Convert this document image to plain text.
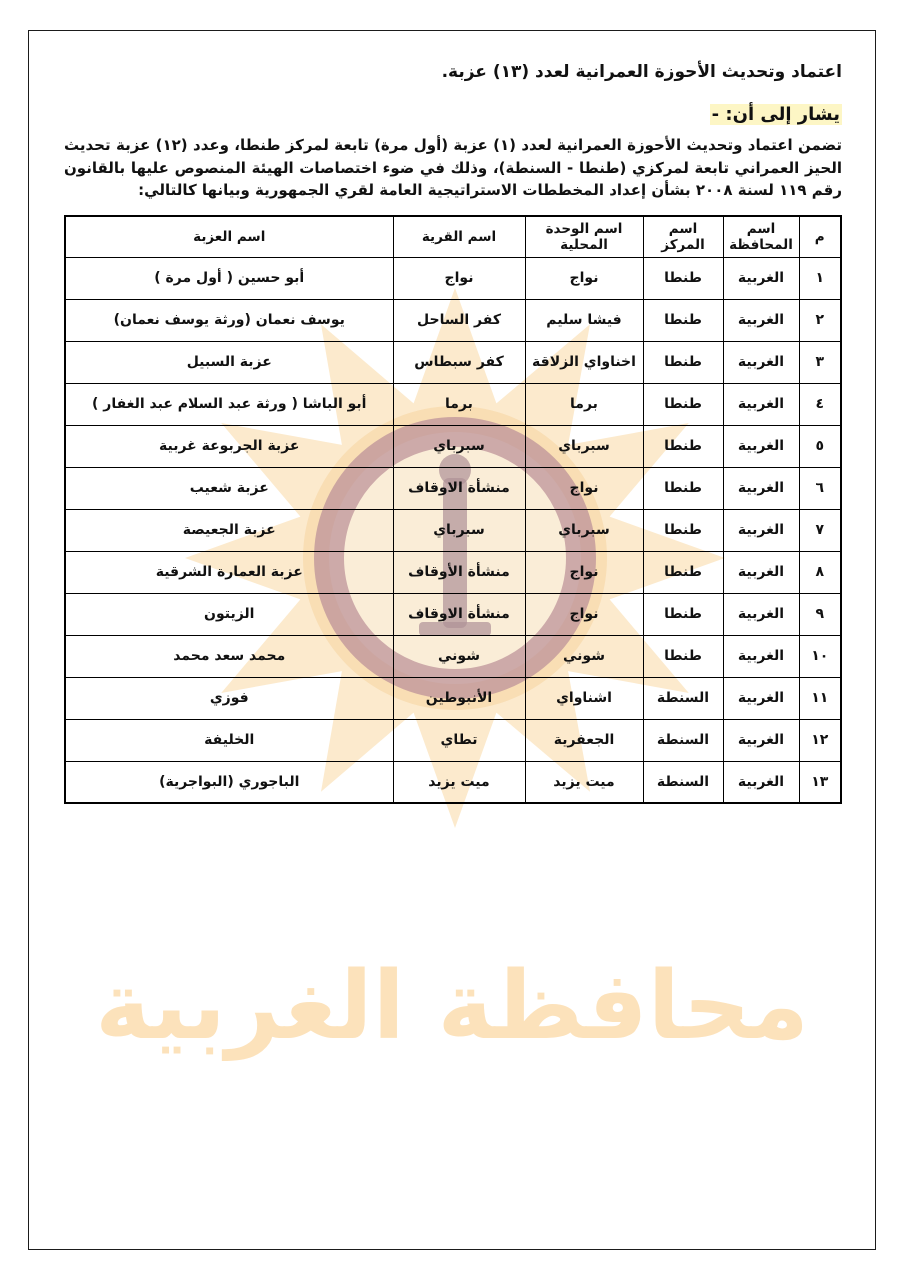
محافظة الغربية
اعتماد وتحديث الأحوزة العمرانية لعدد (١٣) عزبة.
يشار إلى أن: -

تضمن اعتماد وتحديث الأحوزة العمرانية لعدد (١) عزبة (أول مرة) تابعة لمركز طنطا، وعدد (١٢) عزبة تحديث الحيز العمراني تابعة لمركزي (طنطا - السنطة)، وذلك في ضوء اختصاصات الهيئة المنصوص عليها بالقانون رقم ١١٩ لسنة ٢٠٠٨ بشأن إعداد المخططات الاستراتيجية العامة لقري الجمهورية وبيانها كالتالي:

م	اسم المحافظة	اسم المركز	اسم الوحدة المحلية	اسم القرية	اسم العزبة
١	الغربية	طنطا	نواج	نواج	أبو حسين ( أول مرة )
٢	الغربية	طنطا	فيشا سليم	كفر الساحل	يوسف نعمان (ورثة يوسف نعمان)
٣	الغربية	طنطا	اخناواي الزلاقة	كفر سبطاس	عزبة السبيل
٤	الغربية	طنطا	برما	برما	أبو الباشا ( ورثة عبد السلام عبد الغفار )
٥	الغربية	طنطا	سبرباي	سبرباي	عزبة الجربوعة غربية
٦	الغربية	طنطا	نواج	منشأة الاوقاف	عزبة شعيب
٧	الغربية	طنطا	سبرباي	سبرباي	عزبة الجعيصة
٨	الغربية	طنطا	نواج	منشأة الأوقاف	عزبة العمارة الشرقية
٩	الغربية	طنطا	نواج	منشأة الاوقاف	الزيتون
١٠	الغربية	طنطا	شوني	شوني	محمد سعد محمد
١١	الغربية	السنطة	اشناواي	الأنبوطين	فوزي
١٢	الغربية	السنطة	الجعفرية	تطاي	الخليفة
١٣	الغربية	السنطة	ميت يزيد	ميت يزيد	الباجوري (البواجرية)
